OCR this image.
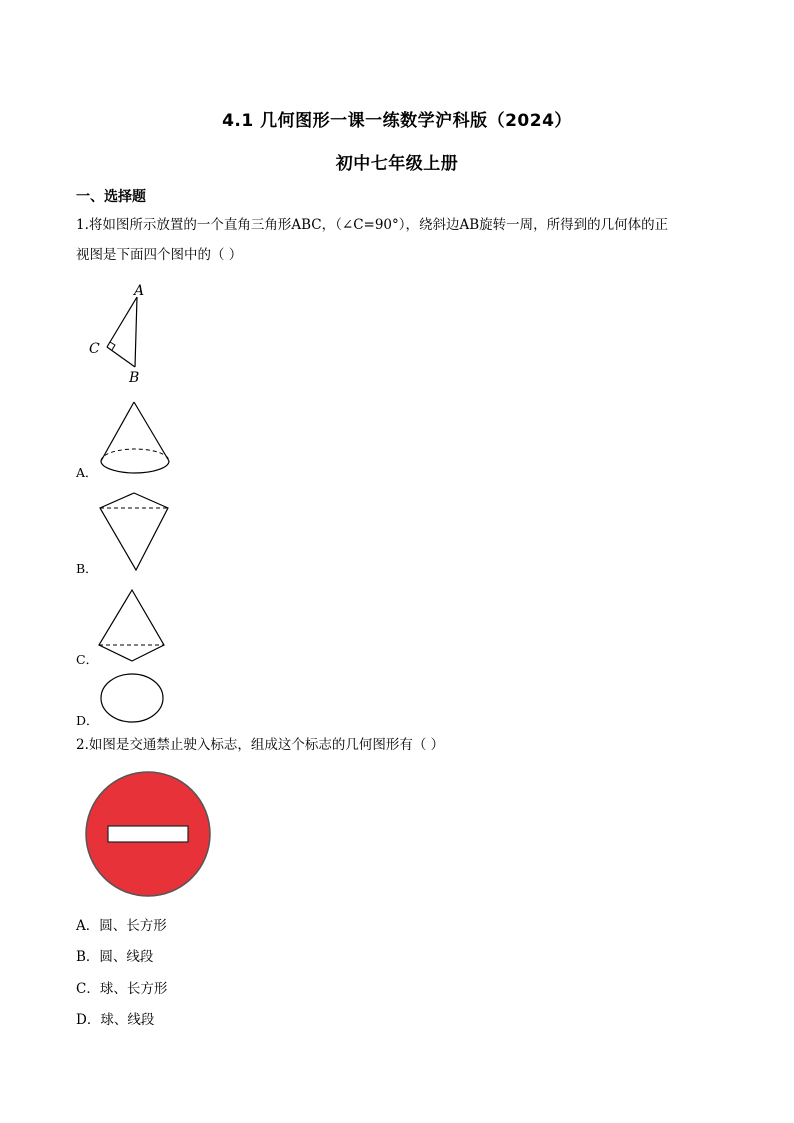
4.1 几何图形一课一练数学沪科版（2024）
初中七年级上册
一、选择题
1.将如图所示放置的一个直角三角形ABC，（∠C=90°），绕斜边AB旋转一周，所得到的几何体的正
视图是下面四个图中的（ ）
A
C
B
A．
B．
C．
D．
2.如图是交通禁止驶入标志，组成这个标志的几何图形有（ ）
A．圆、长方形
B．圆、线段
C．球、长方形
D．球、线段
